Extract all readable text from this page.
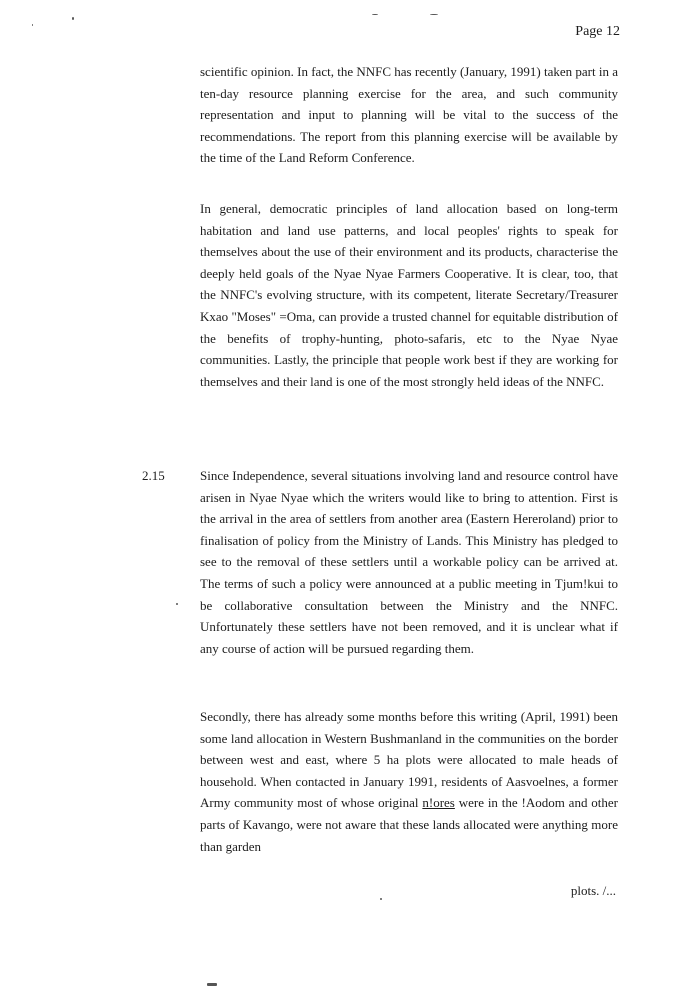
Page 12

scientific opinion. In fact, the NNFC has recently (January, 1991) taken part in a ten-day resource planning exercise for the area, and such community representation and input to planning will be vital to the success of the recommendations. The report from this planning exercise will be available by the time of the Land Reform Conference.

In general, democratic principles of land allocation based on long-term habitation and land use patterns, and local peoples' rights to speak for themselves about the use of their environment and its products, characterise the deeply held goals of the Nyae Nyae Farmers Cooperative. It is clear, too, that the NNFC's evolving structure, with its competent, literate Secretary/Treasurer Kxao "Moses" =Oma, can provide a trusted channel for equitable distribution of the benefits of trophy-hunting, photo-safaris, etc to the Nyae Nyae communities. Lastly, the principle that people work best if they are working for themselves and their land is one of the most strongly held ideas of the NNFC.

2.15	Since Independence, several situations involving land and resource control have arisen in Nyae Nyae which the writers would like to bring to attention. First is the arrival in the area of settlers from another area (Eastern Hereroland) prior to finalisation of policy from the Ministry of Lands. This Ministry has pledged to see to the removal of these settlers until a workable policy can be arrived at. The terms of such a policy were announced at a public meeting in Tjum!kui to be collaborative consultation between the Ministry and the NNFC. Unfortunately these settlers have not been removed, and it is unclear what if any course of action will be pursued regarding them.

Secondly, there has already some months before this writing (April, 1991) been some land allocation in Western Bushmanland in the communities on the border between west and east, where 5 ha plots were allocated to male heads of household. When contacted in January 1991, residents of Aasvoelnes, a former Army community most of whose original n!ores were in the !Aodom and other parts of Kavango, were not aware that these lands allocated were anything more than garden

plots. /...
